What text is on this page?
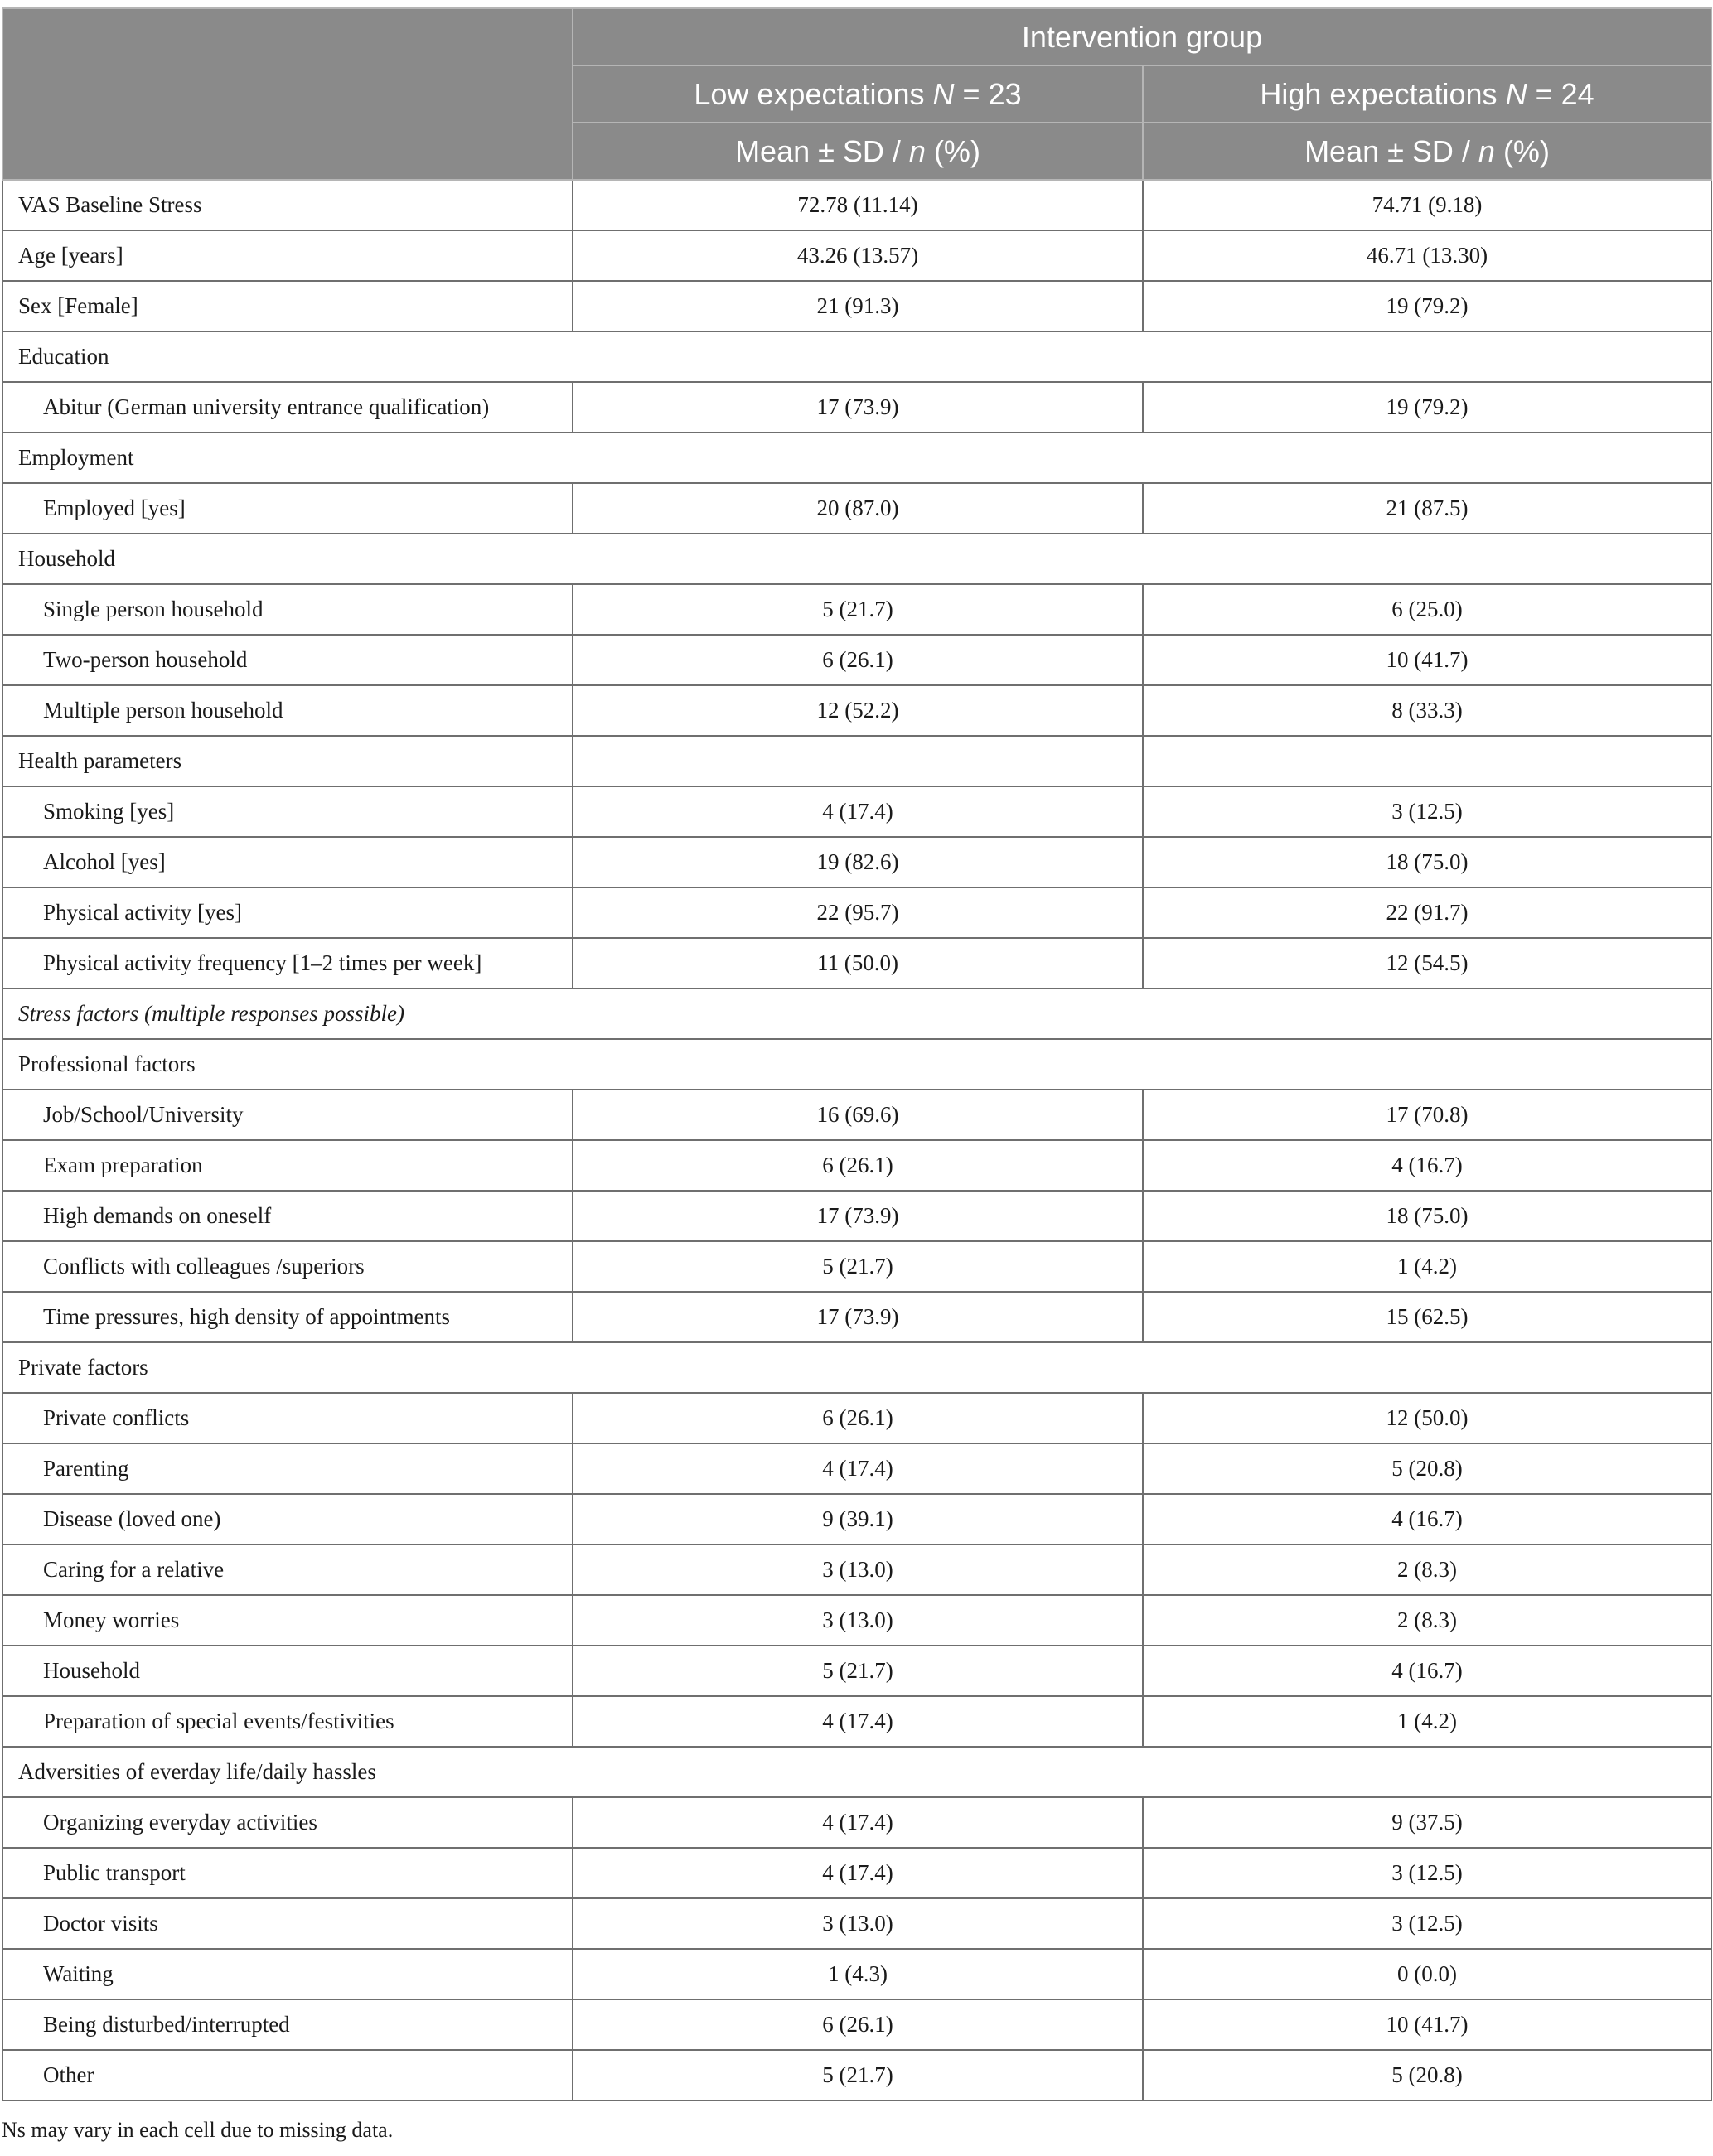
	Intervention group	
	Low expectations N = 23	High expectations N = 24
	Mean ± SD / n (%)	Mean ± SD / n (%)
VAS Baseline Stress	72.78 (11.14)	74.71 (9.18)
Age [years]	43.26 (13.57)	46.71 (13.30)
Sex [Female]	21 (91.3)	19 (79.2)
Education		
Abitur (German university entrance qualification)	17 (73.9)	19 (79.2)
Employment		
Employed [yes]	20 (87.0)	21 (87.5)
Household		
Single person household	5 (21.7)	6 (25.0)
Two-person household	6 (26.1)	10 (41.7)
Multiple person household	12 (52.2)	8 (33.3)
Health parameters		
Smoking [yes]	4 (17.4)	3 (12.5)
Alcohol [yes]	19 (82.6)	18 (75.0)
Physical activity [yes]	22 (95.7)	22 (91.7)
Physical activity frequency [1–2 times per week]	11 (50.0)	12 (54.5)
Stress factors (multiple responses possible)		
Professional factors		
Job/School/University	16 (69.6)	17 (70.8)
Exam preparation	6 (26.1)	4 (16.7)
High demands on oneself	17 (73.9)	18 (75.0)
Conflicts with colleagues /superiors	5 (21.7)	1 (4.2)
Time pressures, high density of appointments	17 (73.9)	15 (62.5)
Private factors		
Private conflicts	6 (26.1)	12 (50.0)
Parenting	4 (17.4)	5 (20.8)
Disease (loved one)	9 (39.1)	4 (16.7)
Caring for a relative	3 (13.0)	2 (8.3)
Money worries	3 (13.0)	2 (8.3)
Household	5 (21.7)	4 (16.7)
Preparation of special events/festivities	4 (17.4)	1 (4.2)
Adversities of everday life/daily hassles		
Organizing everyday activities	4 (17.4)	9 (37.5)
Public transport	4 (17.4)	3 (12.5)
Doctor visits	3 (13.0)	3 (12.5)
Waiting	1 (4.3)	0 (0.0)
Being disturbed/interrupted	6 (26.1)	10 (41.7)
Other	5 (21.7)	5 (20.8)
Ns may vary in each cell due to missing data.
